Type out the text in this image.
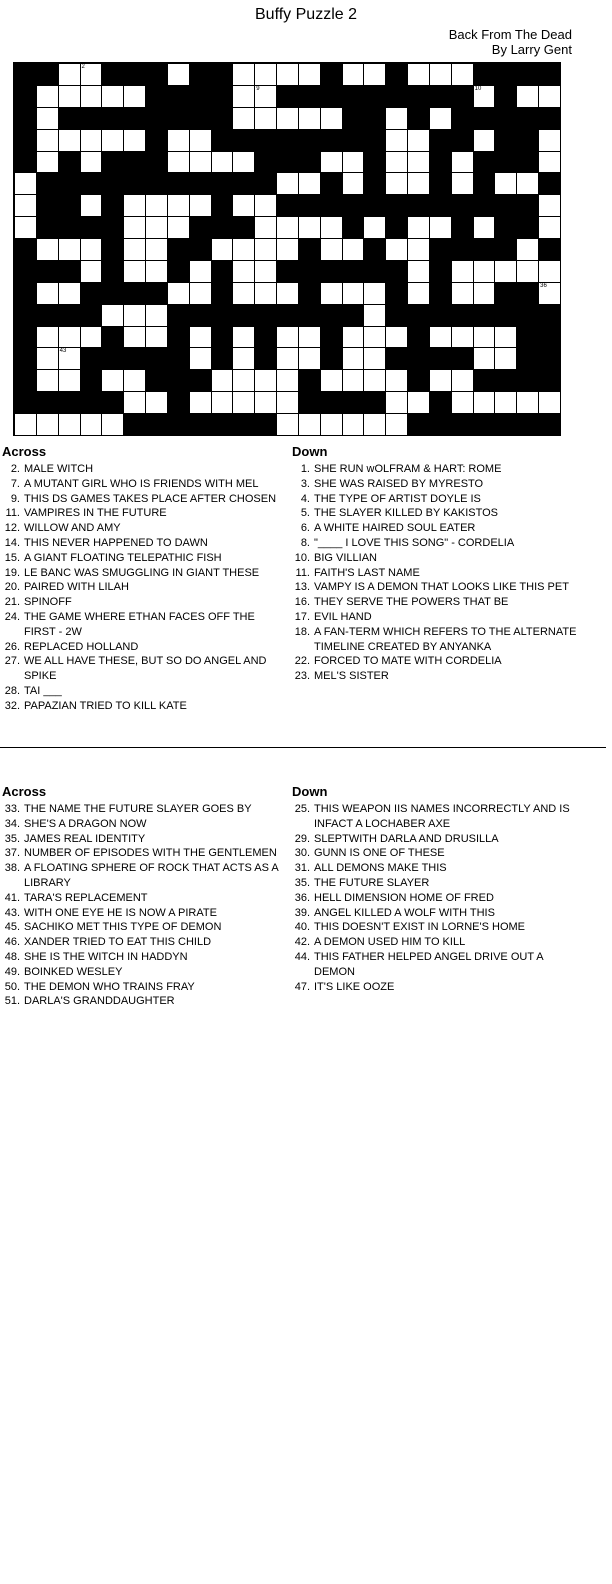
Buffy Puzzle 2
Back From The Dead
By Larry Gent
1	2	3	4	5	6	7	8
9	10
11	12	13
14	15	16
17	18	19
20	21	22	23
24	25
26	27	28
29	30	31	32
33	34
35	36
37	38	39	40	41	42
43	44	45
46	47	48
49
50	51
Across	Down
2. MALE WITCH
7. A MUTANT GIRL WHO IS FRIENDS WITH MEL
9. THIS DS GAMES TAKES PLACE AFTER CHOSEN
11. VAMPIRES IN THE FUTURE
12. WILLOW AND AMY
14. THIS NEVER HAPPENED TO DAWN
15. A GIANT FLOATING TELEPATHIC FISH
19. LE BANC WAS SMUGGLING IN GIANT THESE
20. PAIRED WITH LILAH
21. SPINOFF
24. THE GAME WHERE ETHAN FACES OFF THE FIRST - 2W
26. REPLACED HOLLAND
27. WE ALL HAVE THESE, BUT SO DO ANGEL AND SPIKE
28. TAI ___
32. PAPAZIAN TRIED TO KILL KATE
1. SHE RUN wOLFRAM & HART: ROME
3. SHE WAS RAISED BY MYRESTO
4. THE TYPE OF ARTIST DOYLE IS
5. THE SLAYER KILLED BY KAKISTOS
6. A WHITE HAIRED SOUL EATER
8. "____ I LOVE THIS SONG" - CORDELIA
10. BIG VILLIAN
11. FAITH'S LAST NAME
13. VAMPY IS A DEMON THAT LOOKS LIKE THIS PET
16. THEY SERVE THE POWERS THAT BE
17. EVIL HAND
18. A FAN-TERM WHICH REFERS TO THE ALTERNATE TIMELINE CREATED BY ANYANKA
22. FORCED TO MATE WITH CORDELIA
23. MEL'S SISTER
Across	Down
33. THE NAME THE FUTURE SLAYER GOES BY
34. SHE'S A DRAGON NOW
35. JAMES REAL IDENTITY
37. NUMBER OF EPISODES WITH THE GENTLEMEN
38. A FLOATING SPHERE OF ROCK THAT ACTS AS A LIBRARY
41. TARA'S REPLACEMENT
43. WITH ONE EYE HE IS NOW A PIRATE
45. SACHIKO MET THIS TYPE OF DEMON
46. XANDER TRIED TO EAT THIS CHILD
48. SHE IS THE WITCH IN HADDYN
49. BOINKED WESLEY
50. THE DEMON WHO TRAINS FRAY
51. DARLA'S GRANDDAUGHTER
25. THIS WEAPON IIS NAMES INCORRECTLY AND IS INFACT A LOCHABER AXE
29. SLEPTWITH DARLA AND DRUSILLA
30. GUNN IS ONE OF THESE
31. ALL DEMONS MAKE THIS
35. THE FUTURE SLAYER
36. HELL DIMENSION HOME OF FRED
39. ANGEL KILLED A WOLF WITH THIS
40. THIS DOESN'T EXIST IN LORNE'S HOME
42. A DEMON USED HIM TO KILL
44. THIS FATHER HELPED ANGEL DRIVE OUT A DEMON
47. IT'S LIKE OOZE
